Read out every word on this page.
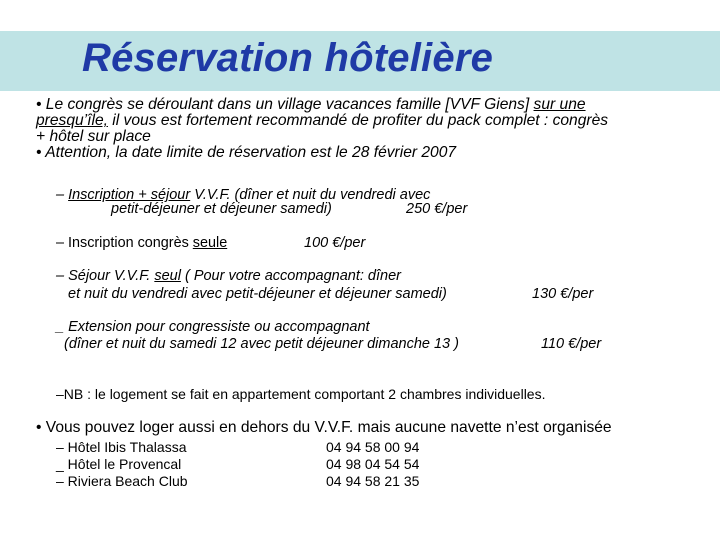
Réservation hôtelière

• Le congrès se déroulant dans un village vacances famille [VVF Giens] sur une

presqu’île, il vous est fortement recommandé de profiter du pack complet : congrès

+ hôtel sur place

• Attention, la date limite de réservation est le 28 février 2007

– Inscription + séjour V.V.F. (dîner et nuit du vendredi avec
petit-déjeuner et déjeuner samedi)	250 €/per
– Inscription congrès seule	100 €/per
– Séjour V.V.F. seul ( Pour votre accompagnant: dîner
et nuit du vendredi avec petit-déjeuner et déjeuner samedi)	130 €/per
_ Extension pour congressiste ou accompagnant
(dîner et nuit du samedi 12 avec petit déjeuner dimanche 13 )	110 €/per
–NB : le logement se fait en appartement comportant 2 chambres individuelles.
• Vous pouvez loger aussi en dehors du V.V.F. mais aucune navette n’est organisée
– Hôtel Ibis Thalassa	04 94 58 00 94
_ Hôtel le Provencal	04 98 04 54 54
– Riviera Beach Club	04 94 58 21 35
